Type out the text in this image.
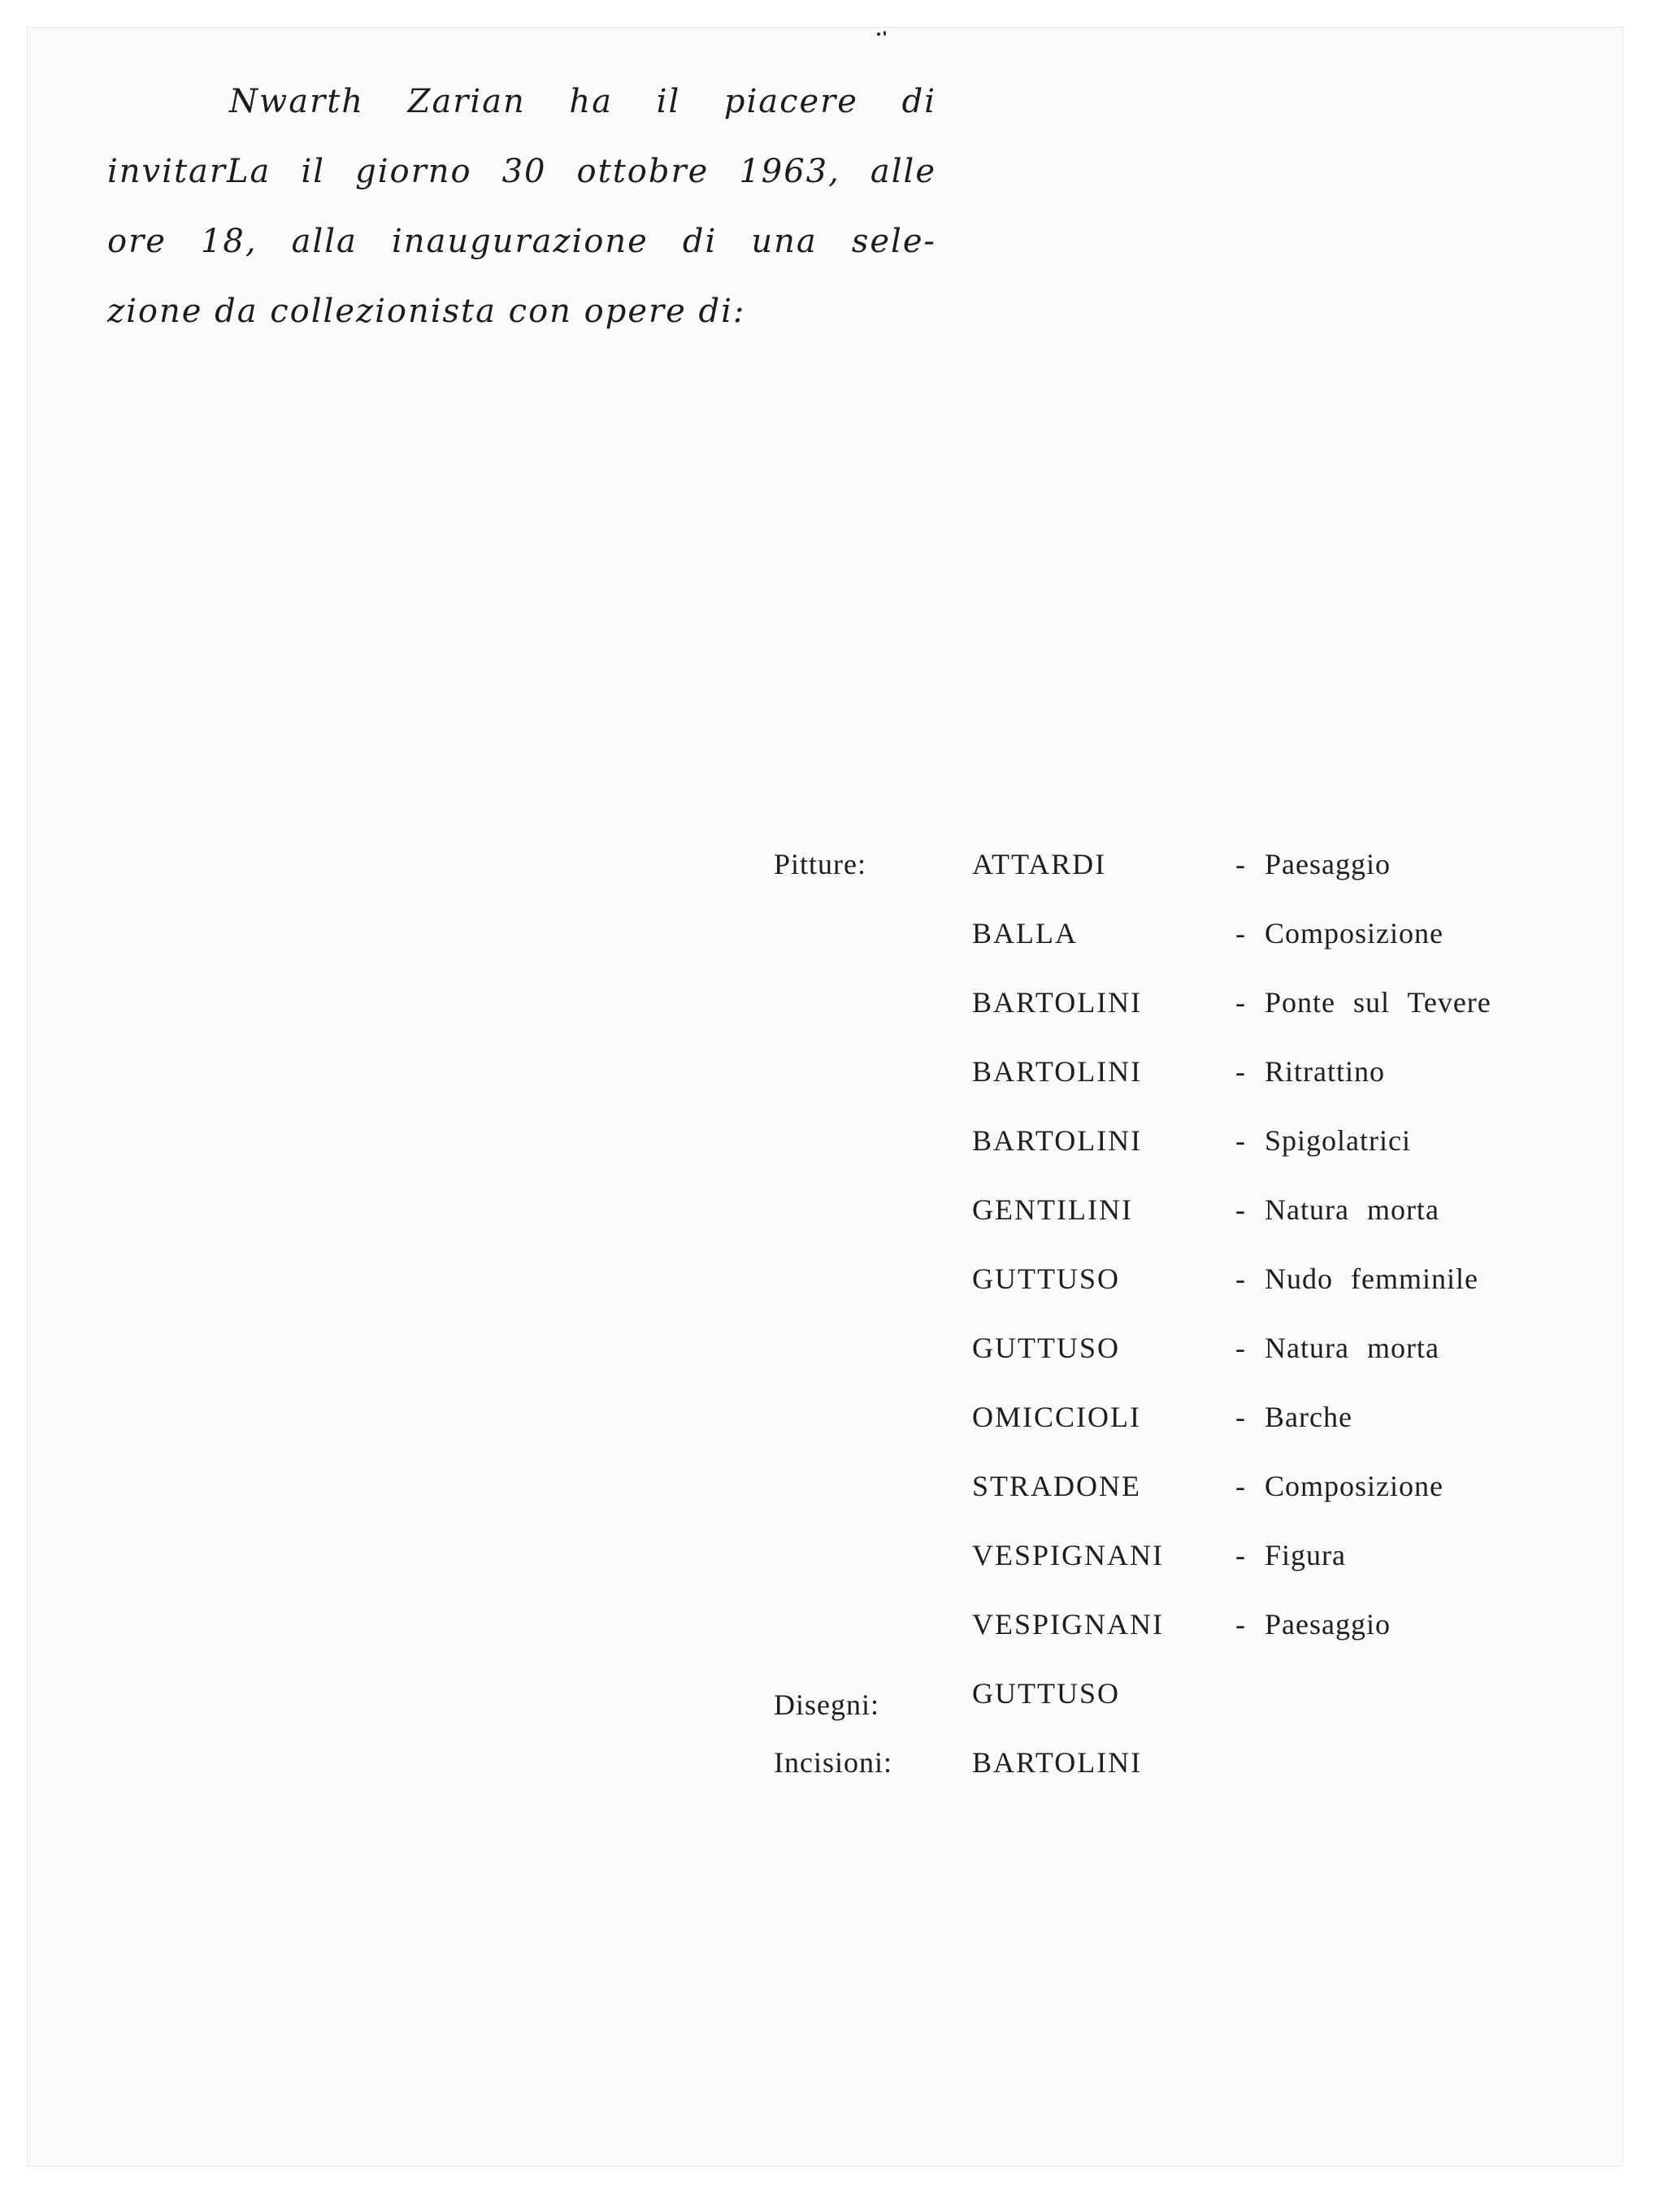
Nwarth Zarian ha il piacere di
invitarLa il giorno 30 ottobre 1963, alle
ore 18, alla inaugurazione di una sele-
zione da collezionista con opere di:
Pitture:	ATTARDI	- Paesaggio
BALLA	- Composizione
BARTOLINI	- Ponte sul Tevere
BARTOLINI	- Ritrattino
BARTOLINI	- Spigolatrici
GENTILINI	- Natura morta
GUTTUSO	- Nudo femminile
GUTTUSO	- Natura morta
OMICCIOLI	- Barche
STRADONE	- Composizione
VESPIGNANI - Figura
VESPIGNANI - Paesaggio
Disegni:	GUTTUSO
Incisioni:	BARTOLINI
